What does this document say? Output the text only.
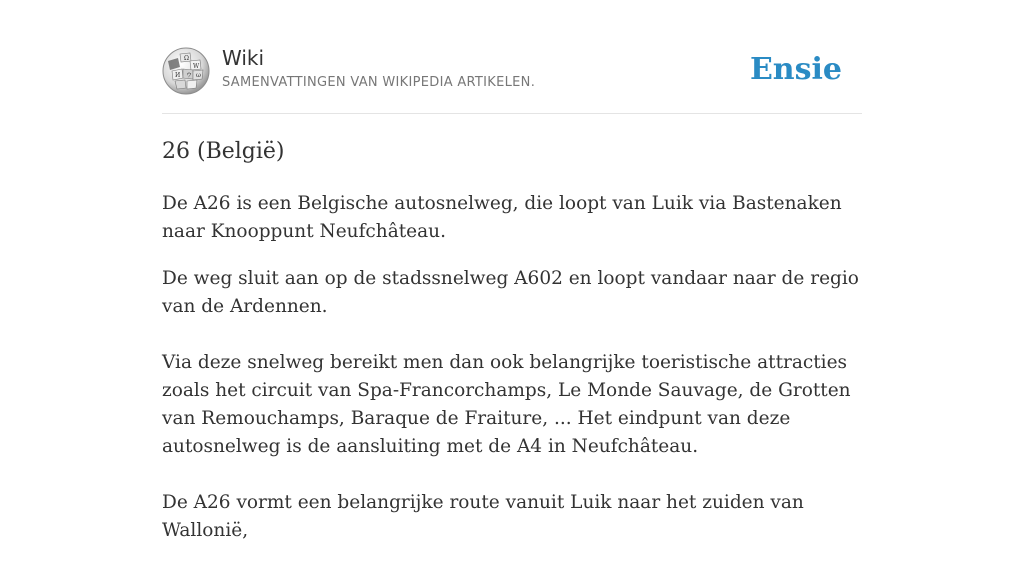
Ω
W
И ウ ω
Wiki
SAMENVATTINGEN VAN WIKIPEDIA ARTIKELEN.	Ensie
26 (België)

De A26 is een Belgische autosnelweg, die loopt van Luik via Bastenaken naar Knooppunt Neufchâteau.

De weg sluit aan op de stadssnelweg A602 en loopt vandaar naar de regio van de Ardennen.

Via deze snelweg bereikt men dan ook belangrijke toeristische attracties zoals het circuit van Spa-Francorchamps, Le Monde Sauvage, de Grotten van Remouchamps, Baraque de Fraiture, ... Het eindpunt van deze autosnelweg is de aansluiting met de A4 in Neufchâteau.

De A26 vormt een belangrijke route vanuit Luik naar het zuiden van Wallonië,
